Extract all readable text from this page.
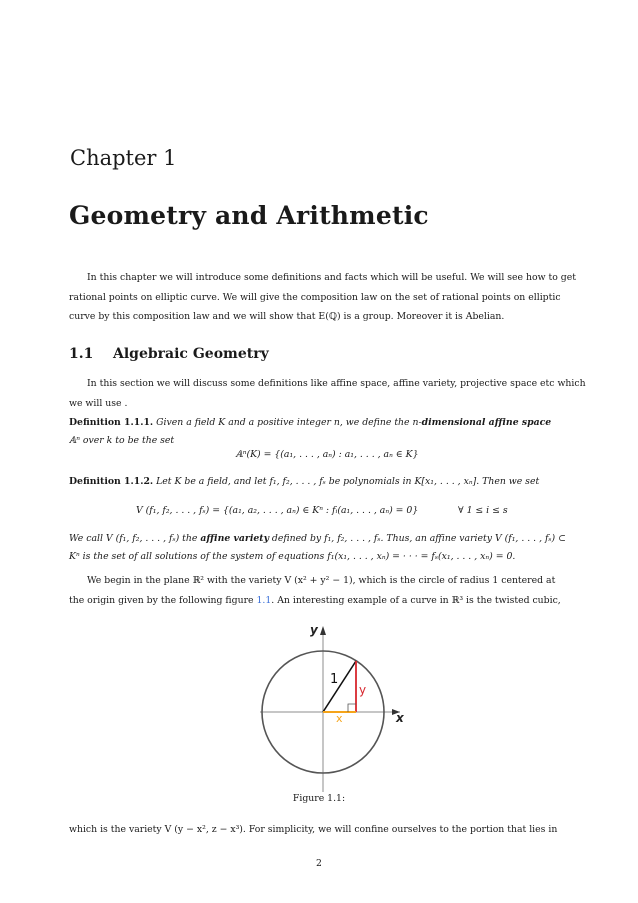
Chapter 1
Geometry and Arithmetic
In this chapter we will introduce some definitions and facts which will be useful. We will see how to get
rational points on elliptic curve. We will give the composition law on the set of rational points on elliptic
curve by this composition law and we will show that E(ℚ) is a group. Moreover it is Abelian.
1.1 Algebraic Geometry
In this section we will discuss some definitions like affine space, affine variety, projective space etc which
we will use .
Definition 1.1.1. Given a field K and a positive integer n, we define the n-dimensional affine space
𝔸ⁿ over k to be the set
𝔸ⁿ(K) = {(a₁, . . . , aₙ) : a₁, . . . , aₙ ∈ K}
Definition 1.1.2. Let K be a field, and let f₁, f₂, . . . , fₛ be polynomials in K[x₁, . . . , xₙ]. Then we set
V (f₁, f₂, . . . , fₛ) = {(a₁, a₂, . . . , aₙ) ∈ Kⁿ : fᵢ(a₁, . . . , aₙ) = 0}	∀ 1 ≤ i ≤ s
We call V (f₁, f₂, . . . , fₛ) the affine variety defined by f₁, f₂, . . . , fₛ. Thus, an affine variety V (f₁, . . . , fₛ) ⊂
Kⁿ is the set of all solutions of the system of equations f₁(x₁, . . . , xₙ) = · · · = fₛ(x₁, . . . , xₙ) = 0.
We begin in the plane ℝ² with the variety V (x² + y² − 1), which is the circle of radius 1 centered at
the origin given by the following figure 1.1. An interesting example of a curve in ℝ³ is the twisted cubic,
x
y
1
y
x
Figure 1.1:
which is the variety V (y − x², z − x³). For simplicity, we will confine ourselves to the portion that lies in
2
